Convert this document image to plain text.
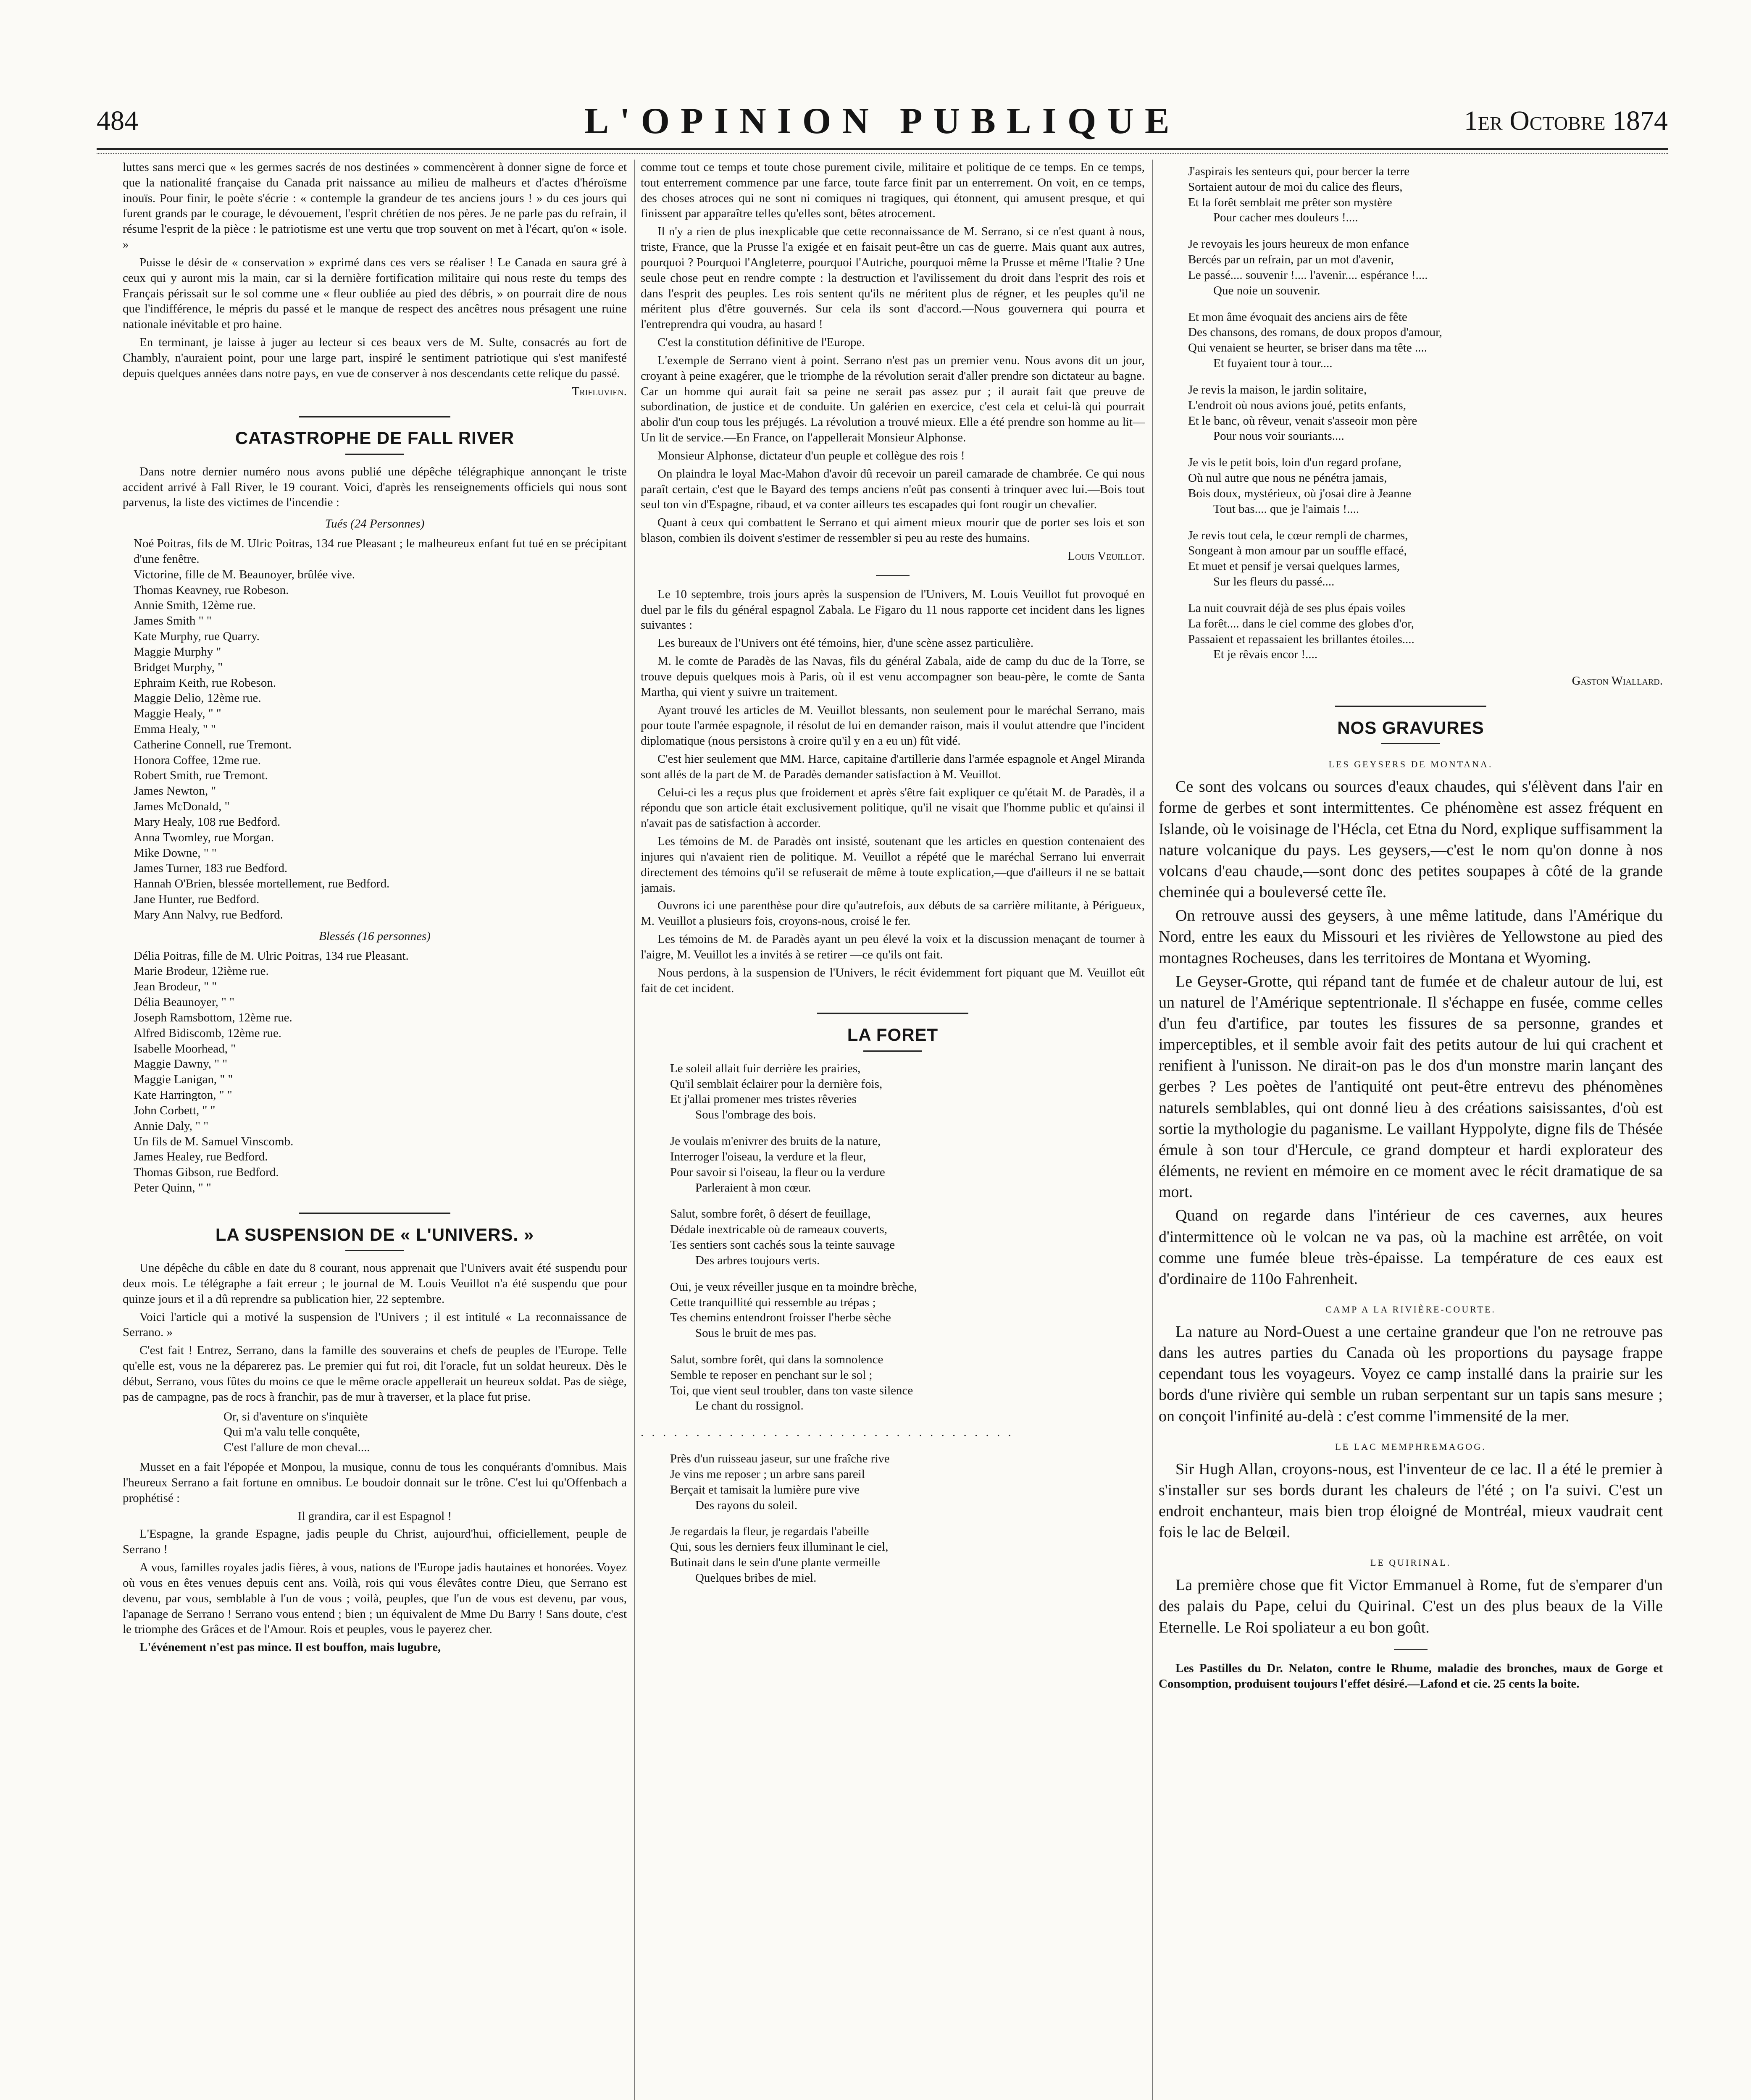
484	L'OPINION PUBLIQUE	1er Octobre 1874

luttes sans merci que « les germes sacrés de nos destinées » commencèrent à donner signe de force et que la nationalité française du Canada prit naissance au milieu de malheurs et d'actes d'héroïsme inouïs. Pour finir, le poète s'écrie : « contemple la grandeur de tes anciens jours ! » du ces jours qui furent grands par le courage, le dévouement, l'esprit chrétien de nos pères. Je ne parle pas du refrain, il résume l'esprit de la pièce : le patriotisme est une vertu que trop souvent on met à l'écart, qu'on « isole. »

Puisse le désir de « conservation » exprimé dans ces vers se réaliser ! Le Canada en saura gré à ceux qui y auront mis la main, car si la dernière fortification militaire qui nous reste du temps des Français périssait sur le sol comme une « fleur oubliée au pied des débris, » on pourrait dire de nous que l'indifférence, le mépris du passé et le manque de respect des ancêtres nous présagent une ruine nationale inévitable et pro haine.

En terminant, je laisse à juger au lecteur si ces beaux vers de M. Sulte, consacrés au fort de Chambly, n'auraient point, pour une large part, inspiré le sentiment patriotique qui s'est manifesté depuis quelques années dans notre pays, en vue de conserver à nos descendants cette relique du passé.

Trifluvien.
CATASTROPHE DE FALL RIVER

Dans notre dernier numéro nous avons publié une dépêche télégraphique annonçant le triste accident arrivé à Fall River, le 19 courant. Voici, d'après les renseignements officiels qui nous sont parvenus, la liste des victimes de l'incendie :

Tués (24 Personnes)

Noé Poitras, fils de M. Ulric Poitras, 134 rue Pleasant ; le malheureux enfant fut tué en se précipitant d'une fenêtre.

Victorine, fille de M. Beaunoyer, brûlée vive.

Thomas Keavney, rue Robeson.

Annie Smith, 12ème rue.

James Smith " "

Kate Murphy, rue Quarry.

Maggie Murphy "

Bridget Murphy, "

Ephraim Keith, rue Robeson.

Maggie Delio, 12ème rue.

Maggie Healy, " "

Emma Healy, " "

Catherine Connell, rue Tremont.

Honora Coffee, 12me rue.

Robert Smith, rue Tremont.

James Newton, "

James McDonald, "

Mary Healy, 108 rue Bedford.

Anna Twomley, rue Morgan.

Mike Downe, " "

James Turner, 183 rue Bedford.

Hannah O'Brien, blessée mortellement, rue Bedford.

Jane Hunter, rue Bedford.

Mary Ann Nalvy, rue Bedford.

Blessés (16 personnes)

Délia Poitras, fille de M. Ulric Poitras, 134 rue Pleasant.

Marie Brodeur, 12ième rue.

Jean Brodeur, " "

Délia Beaunoyer, " "

Joseph Ramsbottom, 12ème rue.

Alfred Bidiscomb, 12ème rue.

Isabelle Moorhead, "

Maggie Dawny, " "

Maggie Lanigan, " "

Kate Harrington, " "

John Corbett, " "

Annie Daly, " "

Un fils de M. Samuel Vinscomb.

James Healey, rue Bedford.

Thomas Gibson, rue Bedford.

Peter Quinn, " "

LA SUSPENSION DE « L'UNIVERS. »

Une dépêche du câble en date du 8 courant, nous apprenait que l'Univers avait été suspendu pour deux mois. Le télégraphe a fait erreur ; le journal de M. Louis Veuillot n'a été suspendu que pour quinze jours et il a dû reprendre sa publication hier, 22 septembre.

Voici l'article qui a motivé la suspension de l'Univers ; il est intitulé « La reconnaissance de Serrano. »

C'est fait ! Entrez, Serrano, dans la famille des souverains et chefs de peuples de l'Europe. Telle qu'elle est, vous ne la déparerez pas. Le premier qui fut roi, dit l'oracle, fut un soldat heureux. Dès le début, Serrano, vous fûtes du moins ce que le même oracle appellerait un heureux soldat. Pas de siège, pas de campagne, pas de rocs à franchir, pas de mur à traverser, et la place fut prise.

Or, si d'aventure on s'inquiète
Qui m'a valu telle conquête,
C'est l'allure de mon cheval....

Musset en a fait l'épopée et Monpou, la musique, connu de tous les conquérants d'omnibus. Mais l'heureux Serrano a fait fortune en omnibus. Le boudoir donnait sur le trône. C'est lui qu'Offenbach a prophétisé :

Il grandira, car il est Espagnol !

L'Espagne, la grande Espagne, jadis peuple du Christ, aujourd'hui, officiellement, peuple de Serrano !

A vous, familles royales jadis fières, à vous, nations de l'Europe jadis hautaines et honorées. Voyez où vous en êtes venues depuis cent ans. Voilà, rois qui vous élevâtes contre Dieu, que Serrano est devenu, par vous, semblable à l'un de vous ; voilà, peuples, que l'un de vous est devenu, par vous, l'apanage de Serrano ! Serrano vous entend ; bien ; un équivalent de Mme Du Barry ! Sans doute, c'est le triomphe des Grâces et de l'Amour. Rois et peuples, vous le payerez cher.

L'événement n'est pas mince. Il est bouffon, mais lugubre,

comme tout ce temps et toute chose purement civile, militaire et politique de ce temps. En ce temps, tout enterrement commence par une farce, toute farce finit par un enterrement. On voit, en ce temps, des choses atroces qui ne sont ni comiques ni tragiques, qui étonnent, qui amusent presque, et qui finissent par apparaître telles qu'elles sont, bêtes atrocement.

Il n'y a rien de plus inexplicable que cette reconnaissance de M. Serrano, si ce n'est quant à nous, triste, France, que la Prusse l'a exigée et en faisait peut-être un cas de guerre. Mais quant aux autres, pourquoi ? Pourquoi l'Angleterre, pourquoi l'Autriche, pourquoi même la Prusse et même l'Italie ? Une seule chose peut en rendre compte : la destruction et l'avilissement du droit dans l'esprit des rois et dans l'esprit des peuples. Les rois sentent qu'ils ne méritent plus de régner, et les peuples qu'il ne méritent plus d'être gouvernés. Sur cela ils sont d'accord.—Nous gouvernera qui pourra et l'entreprendra qui voudra, au hasard !

C'est la constitution définitive de l'Europe.

L'exemple de Serrano vient à point. Serrano n'est pas un premier venu. Nous avons dit un jour, croyant à peine exagérer, que le triomphe de la révolution serait d'aller prendre son dictateur au bagne. Car un homme qui aurait fait sa peine ne serait pas assez pur ; il aurait fait que preuve de subordination, de justice et de conduite. Un galérien en exercice, c'est cela et celui-là qui pourrait abolir d'un coup tous les préjugés. La révolution a trouvé mieux. Elle a été prendre son homme au lit—Un lit de service.—En France, on l'appellerait Monsieur Alphonse.

Monsieur Alphonse, dictateur d'un peuple et collègue des rois !

On plaindra le loyal Mac-Mahon d'avoir dû recevoir un pareil camarade de chambrée. Ce qui nous paraît certain, c'est que le Bayard des temps anciens n'eût pas consenti à trinquer avec lui.—Bois tout seul ton vin d'Espagne, ribaud, et va conter ailleurs tes escapades qui font rougir un chevalier.

Quant à ceux qui combattent le Serrano et qui aiment mieux mourir que de porter ses lois et son blason, combien ils doivent s'estimer de ressembler si peu au reste des humains.

Louis Veuillot.

Le 10 septembre, trois jours après la suspension de l'Univers, M. Louis Veuillot fut provoqué en duel par le fils du général espagnol Zabala. Le Figaro du 11 nous rapporte cet incident dans les lignes suivantes :

Les bureaux de l'Univers ont été témoins, hier, d'une scène assez particulière.

M. le comte de Paradès de las Navas, fils du général Zabala, aide de camp du duc de la Torre, se trouve depuis quelques mois à Paris, où il est venu accompagner son beau-père, le comte de Santa Martha, qui vient y suivre un traitement.

Ayant trouvé les articles de M. Veuillot blessants, non seulement pour le maréchal Serrano, mais pour toute l'armée espagnole, il résolut de lui en demander raison, mais il voulut attendre que l'incident diplomatique (nous persistons à croire qu'il y en a eu un) fût vidé.

C'est hier seulement que MM. Harce, capitaine d'artillerie dans l'armée espagnole et Angel Miranda sont allés de la part de M. de Paradès demander satisfaction à M. Veuillot.

Celui-ci les a reçus plus que froidement et après s'être fait expliquer ce qu'était M. de Paradès, il a répondu que son article était exclusivement politique, qu'il ne visait que l'homme public et qu'ainsi il n'avait pas de satisfaction à accorder.

Les témoins de M. de Paradès ont insisté, soutenant que les articles en question contenaient des injures qui n'avaient rien de politique. M. Veuillot a répété que le maréchal Serrano lui enverrait directement des témoins qu'il se refuserait de même à toute explication,—que d'ailleurs il ne se battait jamais.

Ouvrons ici une parenthèse pour dire qu'autrefois, aux débuts de sa carrière militante, à Périgueux, M. Veuillot a plusieurs fois, croyons-nous, croisé le fer.

Les témoins de M. de Paradès ayant un peu élevé la voix et la discussion menaçant de tourner à l'aigre, M. Veuillot les a invités à se retirer —ce qu'ils ont fait.

Nous perdons, à la suspension de l'Univers, le récit évidemment fort piquant que M. Veuillot eût fait de cet incident.

LA FORET
Le soleil allait fuir derrière les prairies,
Qu'il semblait éclairer pour la dernière fois,
Et j'allai promener mes tristes rêveries
Sous l'ombrage des bois.
Je voulais m'enivrer des bruits de la nature,
Interroger l'oiseau, la verdure et la fleur,
Pour savoir si l'oiseau, la fleur ou la verdure
Parleraient à mon cœur.
Salut, sombre forêt, ô désert de feuillage,
Dédale inextricable où de rameaux couverts,
Tes sentiers sont cachés sous la teinte sauvage
Des arbres toujours verts.
Oui, je veux réveiller jusque en ta moindre brèche,
Cette tranquillité qui ressemble au trépas ;
Tes chemins entendront froisser l'herbe sèche
Sous le bruit de mes pas.
Salut, sombre forêt, qui dans la somnolence
Semble te reposer en penchant sur le sol ;
Toi, que vient seul troubler, dans ton vaste silence
Le chant du rossignol.
. . . . . . . . . . . . . . . . . . . . . . . . . . . . . . . . . .
Près d'un ruisseau jaseur, sur une fraîche rive
Je vins me reposer ; un arbre sans pareil
Berçait et tamisait la lumière pure vive
Des rayons du soleil.
Je regardais la fleur, je regardais l'abeille
Qui, sous les derniers feux illuminant le ciel,
Butinait dans le sein d'une plante vermeille
Quelques bribes de miel.
J'aspirais les senteurs qui, pour bercer la terre
Sortaient autour de moi du calice des fleurs,
Et la forêt semblait me prêter son mystère
Pour cacher mes douleurs !....
Je revoyais les jours heureux de mon enfance
Bercés par un refrain, par un mot d'avenir,
Le passé.... souvenir !.... l'avenir.... espérance !....
Que noie un souvenir.
Et mon âme évoquait des anciens airs de fête
Des chansons, des romans, de doux propos d'amour,
Qui venaient se heurter, se briser dans ma tête ....
Et fuyaient tour à tour....
Je revis la maison, le jardin solitaire,
L'endroit où nous avions joué, petits enfants,
Et le banc, où rêveur, venait s'asseoir mon père
Pour nous voir souriants....
Je vis le petit bois, loin d'un regard profane,
Où nul autre que nous ne pénétra jamais,
Bois doux, mystérieux, où j'osai dire à Jeanne
Tout bas.... que je l'aimais !....
Je revis tout cela, le cœur rempli de charmes,
Songeant à mon amour par un souffle effacé,
Et muet et pensif je versai quelques larmes,
Sur les fleurs du passé....
La nuit couvrait déjà de ses plus épais voiles
La forêt.... dans le ciel comme des globes d'or,
Passaient et repassaient les brillantes étoiles....
Et je rêvais encor !....
Gaston Wiallard.
NOS GRAVURES
LES GEYSERS DE MONTANA.

Ce sont des volcans ou sources d'eaux chaudes, qui s'élèvent dans l'air en forme de gerbes et sont intermittentes. Ce phénomène est assez fréquent en Islande, où le voisinage de l'Hécla, cet Etna du Nord, explique suffisamment la nature volcanique du pays. Les geysers,—c'est le nom qu'on donne à nos volcans d'eau chaude,—sont donc des petites soupapes à côté de la grande cheminée qui a bouleversé cette île.

On retrouve aussi des geysers, à une même latitude, dans l'Amérique du Nord, entre les eaux du Missouri et les rivières de Yellowstone au pied des montagnes Rocheuses, dans les territoires de Montana et Wyoming.

Le Geyser-Grotte, qui répand tant de fumée et de chaleur autour de lui, est un naturel de l'Amérique septentrionale. Il s'échappe en fusée, comme celles d'un feu d'artifice, par toutes les fissures de sa personne, grandes et imperceptibles, et il semble avoir fait des petits autour de lui qui crachent et renifient à l'unisson. Ne dirait-on pas le dos d'un monstre marin lançant des gerbes ? Les poètes de l'antiquité ont peut-être entrevu des phénomènes naturels semblables, qui ont donné lieu à des créations saisissantes, d'où est sortie la mythologie du paganisme. Le vaillant Hyppolyte, digne fils de Thésée émule à son tour d'Hercule, ce grand dompteur et hardi explorateur des éléments, ne revient en mémoire en ce moment avec le récit dramatique de sa mort.

Quand on regarde dans l'intérieur de ces cavernes, aux heures d'intermittence où le volcan ne va pas, où la machine est arrêtée, on voit comme une fumée bleue très-épaisse. La température de ces eaux est d'ordinaire de 110o Fahrenheit.

CAMP A LA RIVIÈRE-COURTE.

La nature au Nord-Ouest a une certaine grandeur que l'on ne retrouve pas dans les autres parties du Canada où les proportions du paysage frappe cependant tous les voyageurs. Voyez ce camp installé dans la prairie sur les bords d'une rivière qui semble un ruban serpentant sur un tapis sans mesure ; on conçoit l'infinité au-delà : c'est comme l'immensité de la mer.

LE LAC MEMPHREMAGOG.

Sir Hugh Allan, croyons-nous, est l'inventeur de ce lac. Il a été le premier à s'installer sur ses bords durant les chaleurs de l'été ; on l'a suivi. C'est un endroit enchanteur, mais bien trop éloigné de Montréal, mieux vaudrait cent fois le lac de Belœil.

LE QUIRINAL.

La première chose que fit Victor Emmanuel à Rome, fut de s'emparer d'un des palais du Pape, celui du Quirinal. C'est un des plus beaux de la Ville Eternelle. Le Roi spoliateur a eu bon goût.

Les Pastilles du Dr. Nelaton, contre le Rhume, maladie des bronches, maux de Gorge et Consomption, produisent toujours l'effet désiré.—Lafond et cie. 25 cents la boite.
